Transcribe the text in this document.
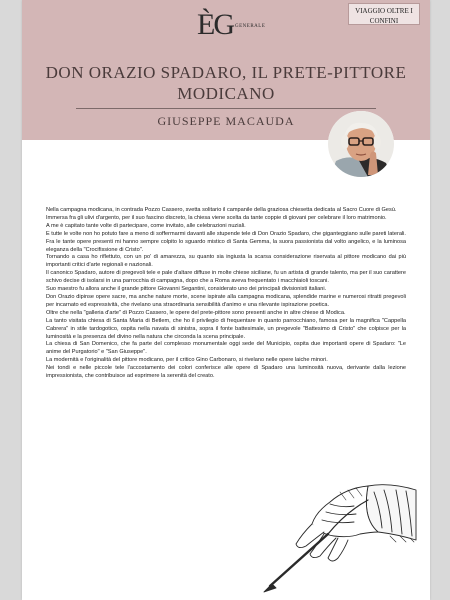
ÈG GENERALE
VIAGGIO OLTRE I CONFINI
DON ORAZIO SPADARO, IL PRETE-PITTORE MODICANO
GIUSEPPE MACAUDA

Nella campagna modicana, in contrada Pozzo Cassero, svetta solitario il campanile della graziosa chiesetta dedicata al Sacro Cuore di Gesù.

Immersa fra gli ulivi d'argento, per il suo fascino discreto, la chiesa viene scelta da tante coppie di giovani per celebrare il loro matrimonio.

A me è capitato tante volte di partecipare, come invitato, alle celebrazioni nuziali.

E tutte le volte non ho potuto fare a meno di soffermarmi davanti alle stupende tele di Don Orazio Spadaro, che giganteggiano sulle pareti laterali.

Fra le tante opere presenti mi hanno sempre colpito lo sguardo mistico di Santa Gemma, la suora passionista dal volto angelico, e la luminosa eleganza della "Crocifissione di Cristo".

Tornando a casa ho riflettuto, con un po' di amarezza, su quanto sia ingiusta la scarsa considerazione riservata al pittore modicano dai più importanti critici d'arte regionali e nazionali.

Il canonico Spadaro, autore di pregevoli tele e pale d'altare diffuse in molte chiese siciliane, fu un artista di grande talento, ma per il suo carattere schivo decise di isolarsi in una parrocchia di campagna, dopo che a Roma aveva frequentato i macchiaioli toscani.

Suo maestro fu allora anche il grande pittore Giovanni Segantini, considerato uno dei principali divisionisti italiani.

Don Orazio dipinse opere sacre, ma anche nature morte, scene ispirate alla campagna modicana, splendide marine e numerosi ritratti pregevoli per incarnato ed espressività, che rivelano una straordinaria sensibilità d'animo e una rilevante ispirazione poetica.

Oltre che nella "galleria d'arte" di Pozzo Cassero, le opere del prete-pittore sono presenti anche in altre chiese di Modica.

La tanto visitata chiesa di Santa Maria di Betlem, che ho il privilegio di frequentare in quanto parrocchiano, famosa per la magnifica "Cappella Cabrera" in stile tardogotico, ospita nella navata di sinistra, sopra il fonte battesimale, un pregevole "Battesimo di Cristo" che colpisce per la luminosità e la presenza del divino nella natura che circonda la scena principale.

La chiesa di San Domenico, che fa parte del complesso monumentale oggi sede del Municipio, ospita due importanti opere di Spadaro: "Le anime del Purgatorio" e "San Giuseppe".

La modernità e l'originalità del pittore modicano, per il critico Gino Carbonaro, si rivelano nelle opere laiche minori.

Nei tondi e nelle piccole tele l'accostamento dei colori conferisce alle opere di Spadaro una luminosità nuova, derivante dalla lezione impressionista, che contribuisce ad esprimere la serenità del creato.
